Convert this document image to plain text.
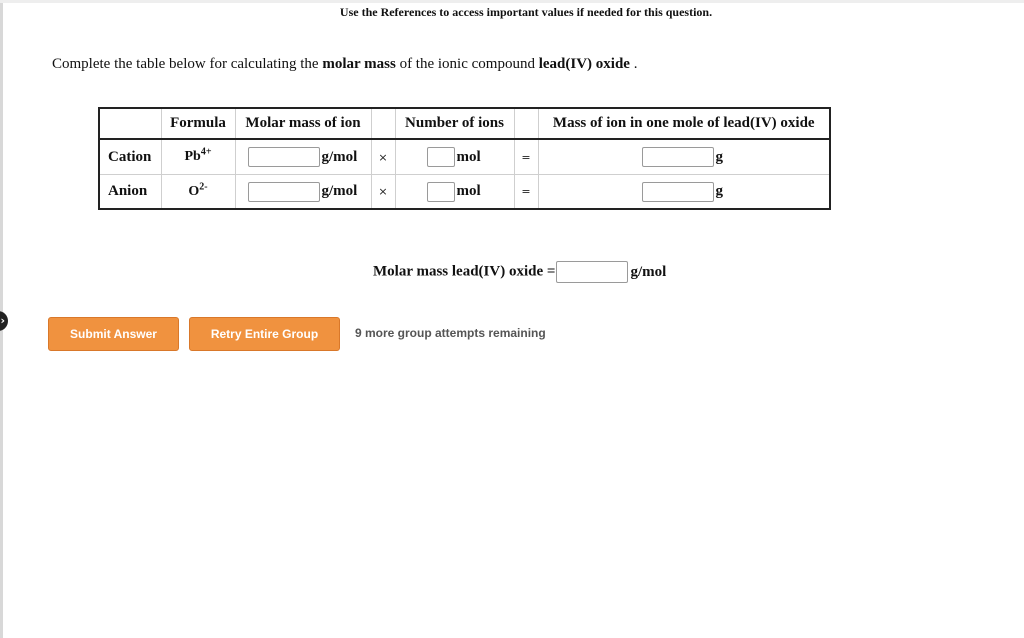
›
Use the References to access important values if needed for this question.
Complete the table below for calculating the molar mass of the ionic compound lead(IV) oxide .
	Formula	Molar mass of ion		Number of ions		Mass of ion in one mole of lead(IV) oxide
Cation	$Pb^{4+}$	g/mol	×	mol	=	g
Anion	$O^{2-}$	g/mol	×	mol	=	g
Molar mass lead(IV) oxide =	g/mol
Submit Answer	Retry Entire Group	9 more group attempts remaining
